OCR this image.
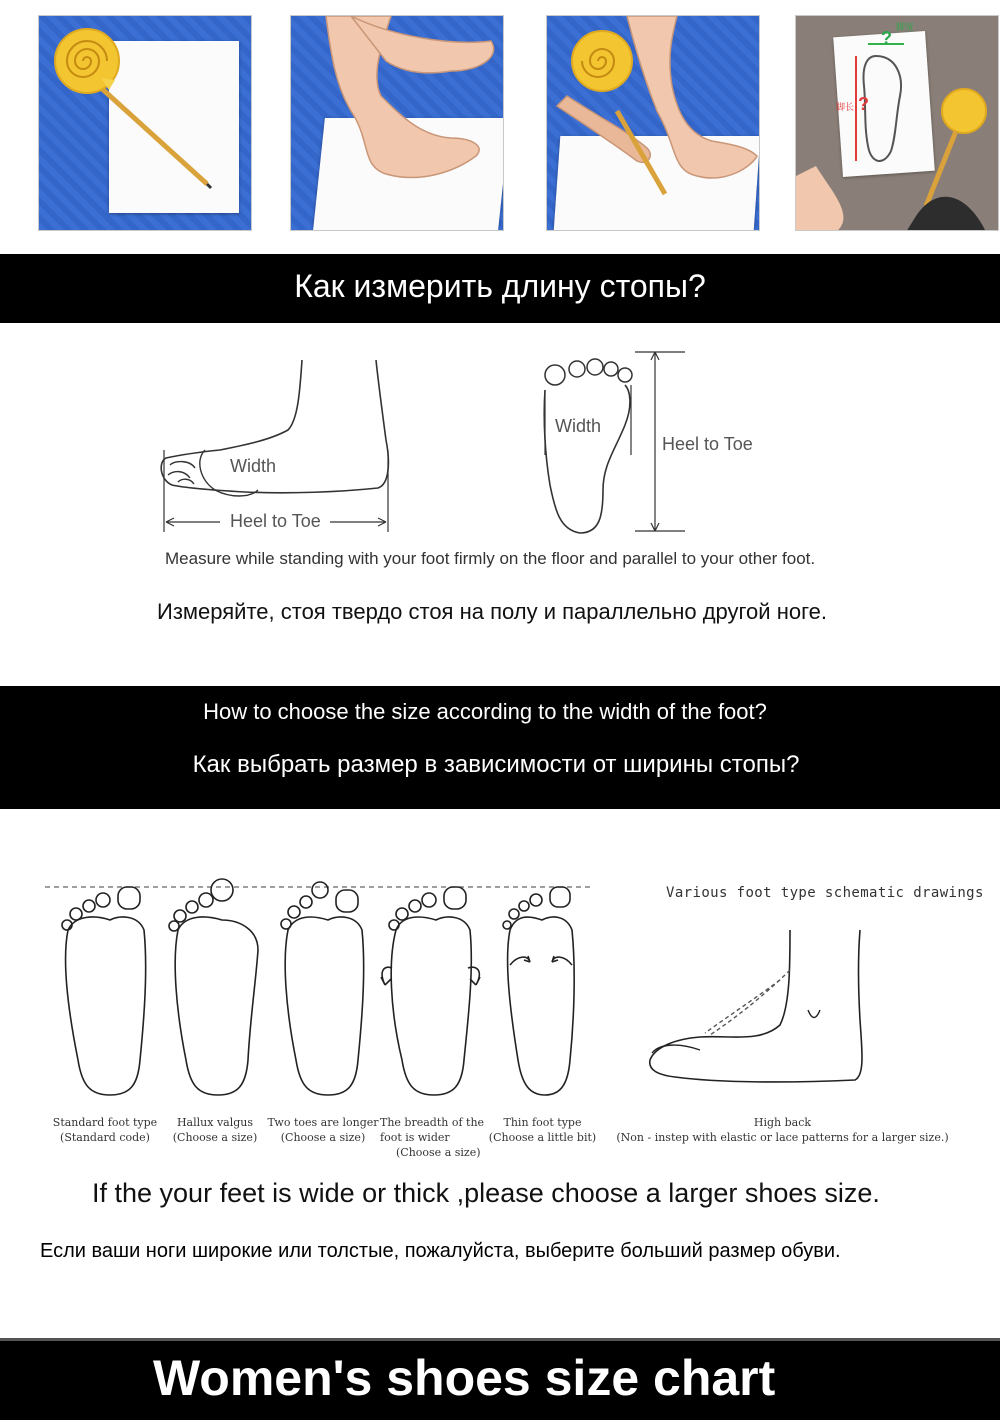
?
脚宽
?
脚长
Как измерить длину стопы?
Width
Heel to Toe
Width
Heel to Toe
Measure while standing with your foot firmly on the floor and parallel to your other foot.
Измеряйте, стоя твердо стоя на полу и параллельно другой ноге.
How to choose the size according to the width of the foot?
Как выбрать размер в зависимости от ширины стопы?
Various foot type schematic drawings
Standard foot type
(Standard code)
Hallux valgus
(Choose a size)
Two toes are longer
(Choose a size)
The breadth of the
foot is wider
(Choose a size)
Thin foot type
(Choose a little bit)
High back
(Non - instep with elastic or lace patterns for a larger size.)
If the your feet is wide or thick ,please choose a larger shoes size.
Если ваши ноги широкие или толстые, пожалуйста, выберите больший размер обуви.
Women's shoes size chart
